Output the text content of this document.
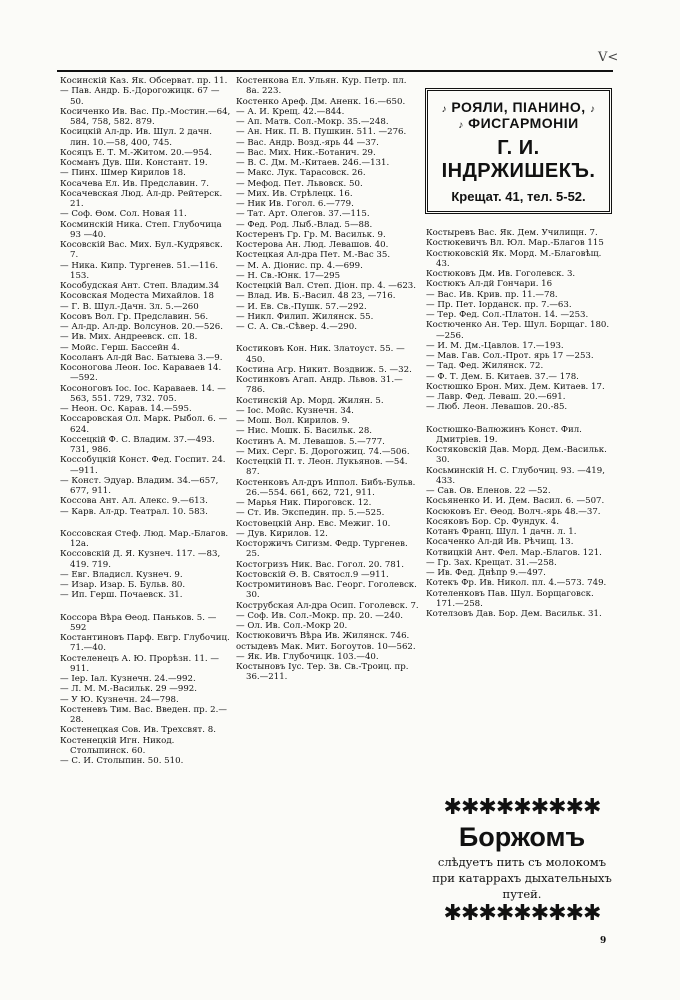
V<
Косинскій Каз. Як. Обсерват. пр. 11.
— Пав. Андр. Б.-Дорогожицк. 67 —50.
Косиченко Ив. Вас. Пр.-Мостин.—64, 584, 758, 582. 879.
Косицкій Ал-др. Ив. Шул. 2 дачн. лин. 10.—58, 400, 745.
Косяцъ Е. Т. М.-Житом. 20.—954.
Косманъ Дув. Ши. Констант. 19.
— Пинх. Шмер Кирилов 18.
Косачева Ел. Ив. Предславин. 7.
Косачевская Люд. Ал-др. Рейтерск. 21.
— Соф. Өом. Сол. Новая 11.
Косминскій Ника. Степ. Глубочица 93 —40.
Косовскій Вас. Мих. Бул.-Кудрявск. 7.
— Ника. Кипр. Тургенев. 51.—116. 153.
Кособудская Ант. Степ. Владим.34
Косовская Модеста Михайлов. 18
— Г. В. Шул.-Дачн. Зл. 5.—260
Косовъ Вол. Гр. Предславин. 56.
— Ал-др. Ал-др. Волсунов. 20.—526.
— Ив. Мих. Андреевск. сп. 18.
— Мойс. Герш. Бассейн 4.
Косоланъ Ал-дй Вас. Батыева 3.—9.
Косоногова Леон. Іос. Караваев 14. —592.
Косоноговъ Іос. Іос. Караваев. 14. —563, 551. 729, 732. 705.
— Неон. Ос. Карав. 14.—595.
Коссаровская Ол. Марк. Рыбол. 6. —624.
Коссецкій Ф. С. Владим. 37.—493. 731, 986.
Коссобуцкій Конст. Фед. Госпит. 24.—911.
— Конст. Эдуар. Владим. 34.—657, 677, 911.
Коссова Ант. Ал. Алекс. 9.—613.
— Карв. Ал-др. Театрал. 10. 583.
Коссовская Стеф. Люд. Мар.-Благов. 12а.
Коссовскій Д. Я. Кузнеч. 117. —83, 419. 719.
— Евг. Владисл. Кузнеч. 9.
— Изар. Изар. Б. Бульв. 80.
— Ип. Герш. Почаевск. 31.
Коссора Вѣра Өеод. Паньков. 5. —592
Костантиновъ Парф. Евгр. Глубочиц. 71.—40.
Костеленецъ А. Ю. Прорѣзн. 11. —911.
— Іер. Іал. Кузнечн. 24.—992.
— Л. М. М.-Васильк. 29 —992.
— У Ю. Кузнечн. 24—798.
Костеневъ Тим. Вас. Введен. пр. 2.—28.
Костенецкая Сов. Ив. Трехсвят. 8.
Костенецкій Игн. Никод. Столыпинск. 60.
— С. И. Столыпин. 50. 510.
Костенкова Ел. Ульян. Кур. Петр. пл. 8а. 223.
Костенко Ареф. Дм. Аненк. 16.—650.
— А. И. Крещ. 42.—844.
— Ап. Матв. Сол.-Мокр. 35.—248.
— Ан. Ник. П. В. Пушкин. 511. —276.
— Вас. Андр. Возд.-ярь 44 —37.
— Вас. Мих. Ник.-Ботанич. 29.
— В. С. Дм. М.-Китаев. 246.—131.
— Макс. Лук. Тарасовск. 26.
— Мефод. Пет. Львовск. 50.
— Мих. Ив. Стрѣлецк. 16.
— Ник Ив. Гогол. 6.—779.
— Тат. Арт. Олегов. 37.—115.
— Фед. Род. Лыб.-Влад. 5—88.
Костеренъ Гр. Гр. М. Васильк. 9.
Костерова Ан. Люд. Левашов. 40.
Костецкая Ал-дра Пет. М.-Вас 35.
— М. А. Діонис. пр. 4.—699.
— Н. Св.-Юнк. 17—295
Костецкій Вал. Степ. Діон. пр. 4. —623.
— Влад. Ив. Б.-Васил. 48 23, —716.
— И. Ев. Св.-Пушк. 57.—292.
— Никл. Филип. Жилянск. 55.
— С. А. Св.-Сѣвер. 4.—290.
Костиковъ Кон. Ник. Златоуст. 55. —450.
Костина Агр. Никит. Воздвиж. 5. —32.
Костинковъ Агап. Андр. Львов. 31.—786.
Костинскій Ар. Морд. Жилян. 5.
— Іос. Мойс. Кузнечн. 34.
— Мош. Вол. Кирилов. 9.
— Нис. Мошк. Б. Васильк. 28.
Костинъ А. М. Левашов. 5.—777.
— Мих. Серг. Б. Дорогожиц. 74.—506.
Костецкій П. т. Леон. Лукьянов. —54. 87.
Костенковъ Ал-дръ Иппол. Бибъ-Бульв. 26.—554. 661, 662, 721, 911.
— Марья Ник. Пироговск. 12.
— Ст. Ив. Экспедин. пр. 5.—525.
Костовецкій Анр. Евс. Межиг. 10.
— Дув. Кирилов. 12.
Косторжичъ Сигизм. Федр. Тургенев. 25.
Костогризъ Ник. Вас. Гогол. 20. 781.
Костовскій Ә. В. Святосл.9 —911.
Костромитиновъ Вас. Георг. Гоголевск. 30.
Кострубская Ал-дра Осип. Гоголевск. 7.
— Соф. Ив. Сол.-Мокр. пр. 20. —240.
— Ол. Ив. Сол.-Мокр 20.
Костюковичъ Вѣра Ив. Жилянск. 746.
остыдевъ Мак. Мит. Богоутов. 10—562.
— Як. Ив. Глубочицк. 103.—40.
Костыновъ Іус. Тер. Зв. Св.-Троиц. пр. 36.—211.
♪ РОЯЛИ, ПІАНИНО, ♪
♪ ФИСГАРМОНІИ
Г. И. ІНДРЖИШЕКЪ.
Крещат. 41, тел. 5-52.
Костыревъ Вас. Як. Дем. Училищн. 7.
Костюкевичъ Вл. Юл. Мар.-Благов 115
Костюковскій Як. Морд. М.-Благовѣщ. 43.
Костюковъ Дм. Ив. Гоголевск. 3.
Костюкъ Ал-дй Гончари. 16
— Вас. Ив. Крив. пр. 11.—78.
— Пр. Пет. Іорданск. пр. 7.—63.
— Тер. Фед. Сол.-Платон. 14. —253.
Костюченко Ан. Тер. Шул. Борщаг. 180.—256.
— И. М. Дм.-Цавлов. 17.—193.
— Мав. Гав. Сол.-Прот. ярь 17 —253.
— Тад. Фед. Жилянск. 72.
— Ф. Т. Дем. Б. Китаев. 37.— 178.
Костюшко Брон. Мих. Дем. Китаев. 17.
— Лавр. Фед. Левaш. 20.—691.
— Люб. Леон. Левашов. 20.-85.
Костюшко-Валюжинъ Конст. Фил. Дмитріев. 19.
Костяковскій Дав. Морд. Дем.-Васильк. 30.
Косьминскій Н. С. Глубочиц. 93. —419, 433.
— Сав. Ов. Еленов. 22 —52.
Косьяненко И. И. Дем. Васил. 6. —507.
Косюковъ Ег. Өеод. Волч.-ярь 48.—37.
Косяковъ Бор. Ср. Фундук. 4.
Котанъ Франц. Шул. 1 дачн. л. 1.
Косаченко Ал-дй Ив. Рѣчищ. 13.
Котвицкій Ант. Фел. Мар.-Благов. 121.
— Гр. Зах. Крещат. 31.—258.
— Ив. Фед. Днѣпр 9.—497.
Котекъ Фр. Ив. Никол. пл. 4.—573. 749.
Котеленковъ Пав. Шул. Борщаговск. 171.—258.
Котелзовъ Дав. Бор. Дем. Васильк. 31.
✱✱✱✱✱✱✱✱✱
Боржомъ
слѣдуетъ пить съ молокомъ при катаррахъ дыхательныхъ путей.
✱✱✱✱✱✱✱✱✱
9
